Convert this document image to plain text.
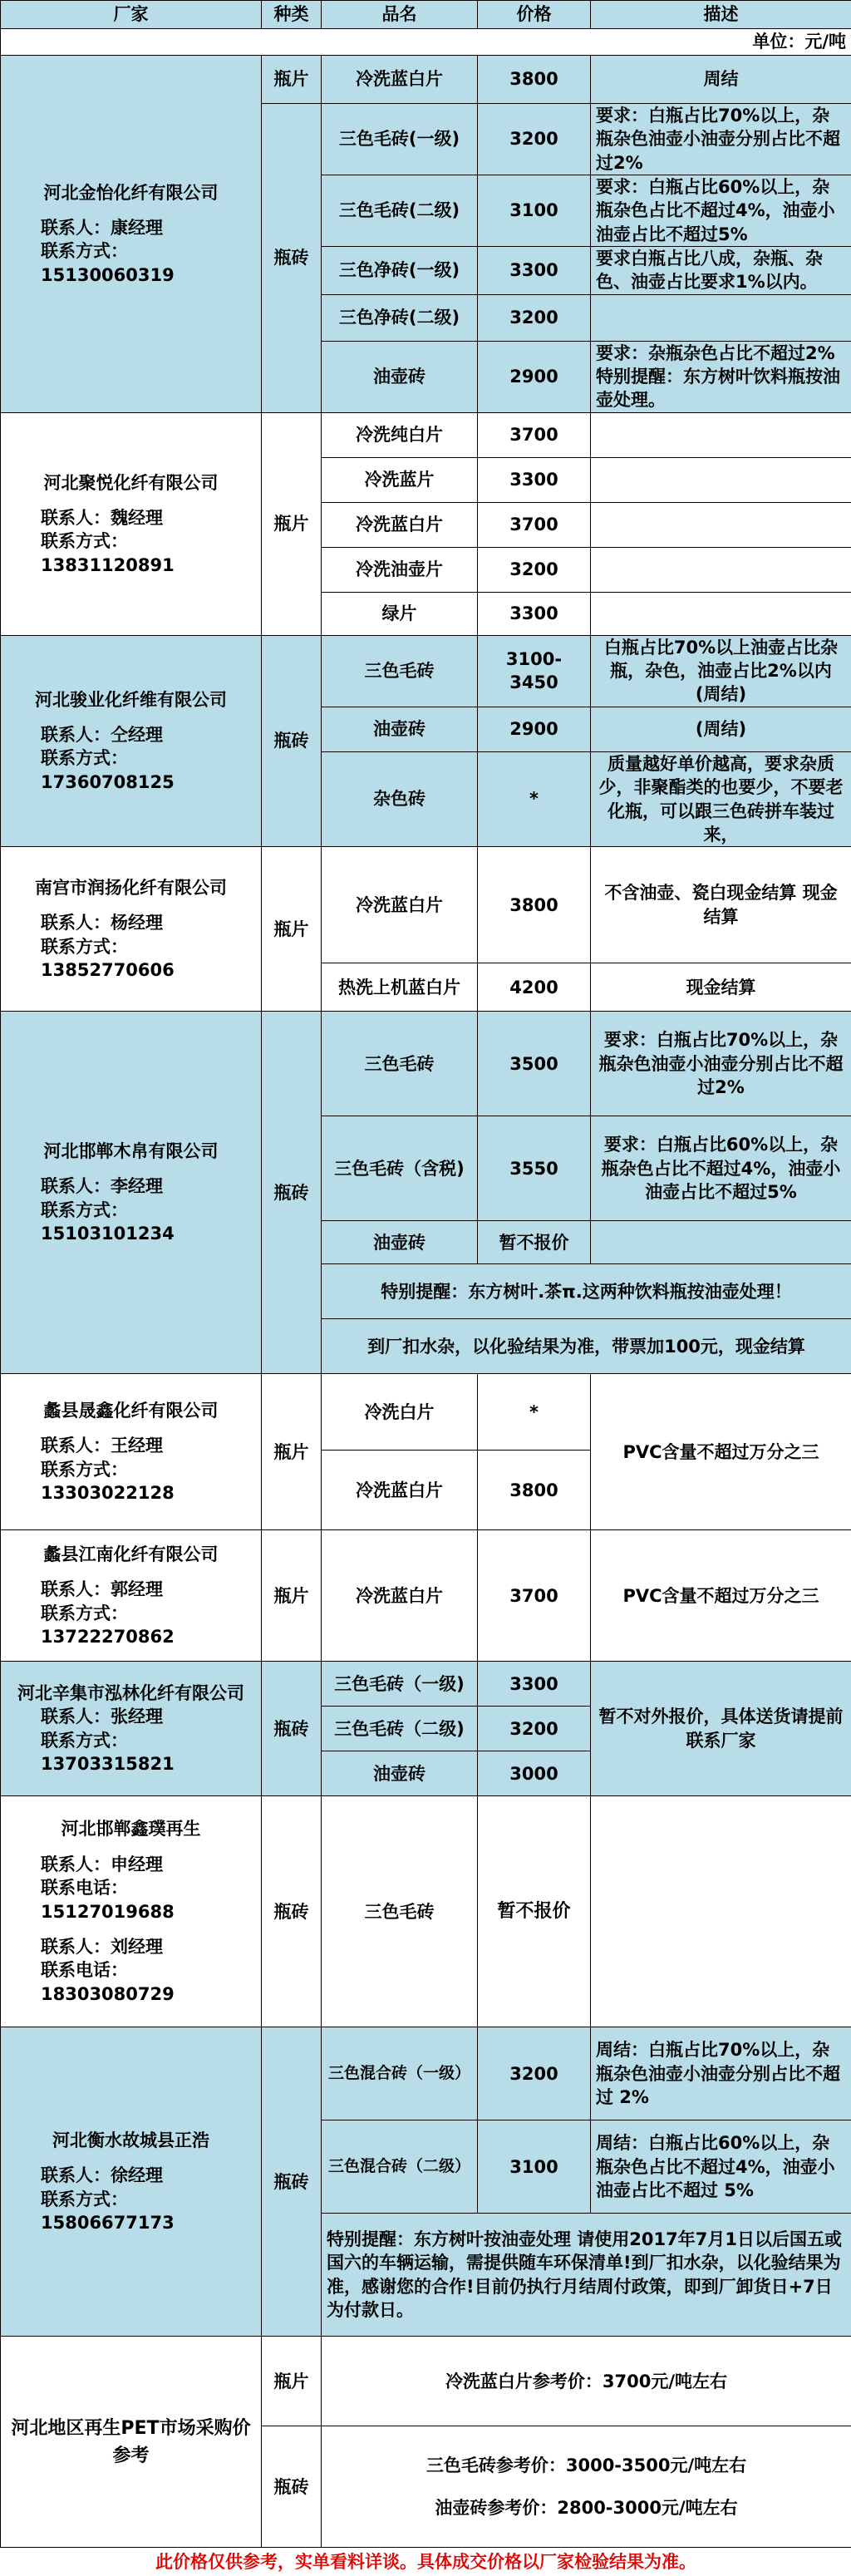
厂家	种类	品名	价格	描述
单位：元/吨				

河北金怡化纤有限公司
联系人：康经理
联系方式：15130060319	瓶片	冷洗蓝白片	3800	周结
	瓶砖	三色毛砖(一级)	3200	要求：白瓶占比70%以上，杂瓶杂色油壶小油壶分别占比不超过2%
		三色毛砖(二级)	3100	要求：白瓶占比60%以上，杂瓶杂色占比不超过4%，油壶小油壶占比不超过5%
		三色净砖(一级)	3300	要求白瓶占比八成，杂瓶、杂色、油壶占比要求1%以内。
		三色净砖(二级)	3200	
		油壶砖	2900	要求：杂瓶杂色占比不超过2% 特别提醒：东方树叶饮料瓶按油壶处理。

河北聚悦化纤有限公司
联系人：魏经理
联系方式：13831120891	瓶片	冷洗纯白片	3700	
		冷洗蓝片	3300	
		冷洗蓝白片	3700	
		冷洗油壶片	3200	
		绿片	3300	

河北骏业化纤维有限公司
联系人：仝经理
联系方式：17360708125	瓶砖	三色毛砖	3100-3450	白瓶占比70%以上油壶占比杂瓶，杂色，油壶占比2%以内 (周结)
		油壶砖	2900	(周结)
		杂色砖	*	质量越好单价越高，要求杂质少，非聚酯类的也要少，不要老化瓶，可以跟三色砖拼车装过来，

南宫市润扬化纤有限公司
联系人：杨经理
联系方式：13852770606	瓶片	冷洗蓝白片	3800	不含油壶、瓷白现金结算 现金结算
		热洗上机蓝白片	4200	现金结算

河北邯郸木帛有限公司
联系人：李经理
联系方式：15103101234	瓶砖	三色毛砖	3500	要求：白瓶占比70%以上，杂瓶杂色油壶小油壶分别占比不超过2%
		三色毛砖（含税)	3550	要求：白瓶占比60%以上，杂瓶杂色占比不超过4%，油壶小油壶占比不超过5%
		油壶砖	暂不报价	
		特别提醒：东方树叶.茶π.这两种饮料瓶按油壶处理！		
		到厂扣水杂，以化验结果为准，带票加100元，现金结算		

蠡县晟鑫化纤有限公司
联系人：王经理
联系方式：13303022128	瓶片	冷洗白片	*	PVC含量不超过万分之三
		冷洗蓝白片	3800	

蠡县江南化纤有限公司
联系人：郭经理
联系方式：13722270862	瓶片	冷洗蓝白片	3700	PVC含量不超过万分之三

河北辛集市泓林化纤有限公司
联系人：张经理
联系方式：13703315821	瓶砖	三色毛砖（一级)	3300	暂不对外报价，具体送货请提前联系厂家
		三色毛砖（二级)	3200	
		油壶砖	3000	

河北邯郸鑫璞再生
联系人：申经理
联系电话：15127019688
联系人：刘经理
联系电话：18303080729	瓶砖	三色毛砖	暂不报价	

河北衡水故城县正浩
联系人：徐经理
联系方式：15806677173	瓶砖	三色混合砖（一级）	3200	周结：白瓶占比70%以上，杂瓶杂色油壶小油壶分别占比不超过 2%
		三色混合砖（二级）	3100	周结：白瓶占比60%以上，杂瓶杂色占比不超过4%，油壶小油壶占比不超过 5%
		特别提醒：东方树叶按油壶处理 请使用2017年7月1日以后国五或国六的车辆运输，需提供随车环保清单!到厂扣水杂，以化验结果为准，感谢您的合作!目前仍执行月结周付政策，即到厂卸货日+7日为付款日。		
河北地区再生PET市场采购价参考	瓶片	冷洗蓝白片参考价：3700元/吨左右		
	瓶砖	三色毛砖参考价：3000-3500元/吨左右
油壶砖参考价：2800-3000元/吨左右		

此价格仅供参考，实单看料详谈。具体成交价格以厂家检验结果为准。				
